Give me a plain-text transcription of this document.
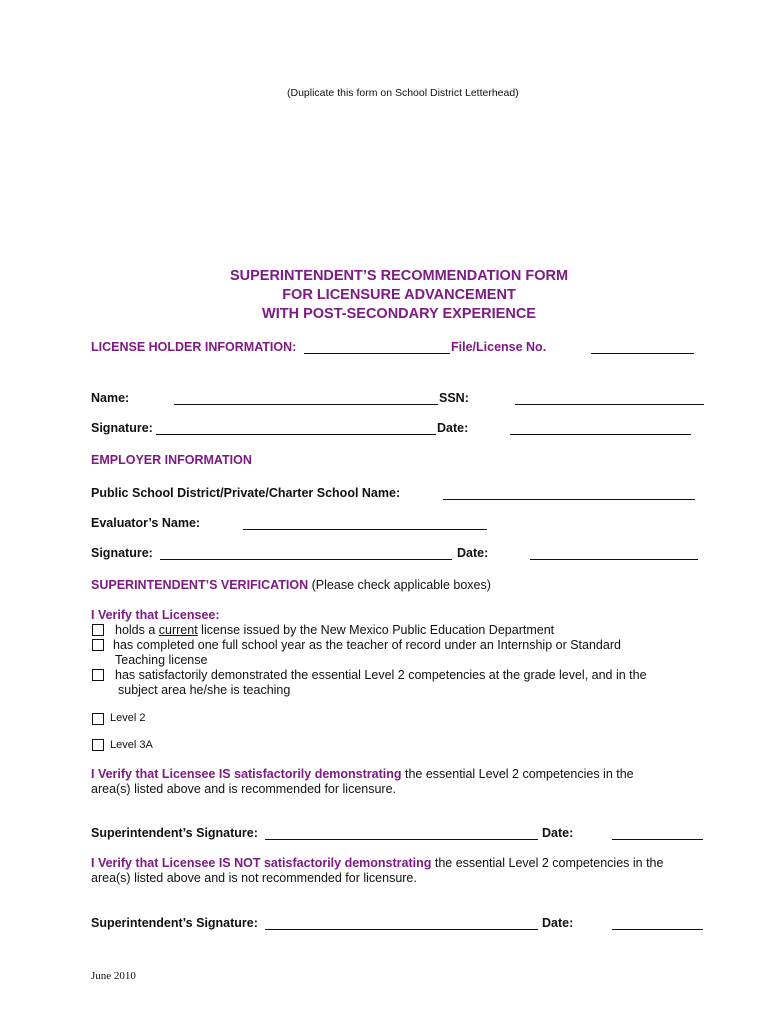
(Duplicate this form on School District Letterhead)
SUPERINTENDENT’S RECOMMENDATION FORM
FOR LICENSURE ADVANCEMENT
WITH POST-SECONDARY EXPERIENCE
LICENSE HOLDER INFORMATION:	File/License No.
Name:	SSN:
Signature:	Date:
EMPLOYER INFORMATION
Public School District/Private/Charter School Name:
Evaluator’s Name:
Signature:	Date:
SUPERINTENDENT’S VERIFICATION (Please check applicable boxes)
I Verify that Licensee:
holds a current license issued by the New Mexico Public Education Department
has completed one full school year as the teacher of record under an Internship or Standard
Teaching license
has satisfactorily demonstrated the essential Level 2 competencies at the grade level, and in the
subject area he/she is teaching
Level 2
Level 3A
I Verify that Licensee IS satisfactorily demonstrating the essential Level 2 competencies in the
area(s) listed above and is recommended for licensure.
Superintendent’s Signature:	Date:
I Verify that Licensee IS NOT satisfactorily demonstrating the essential Level 2 competencies in the
area(s) listed above and is not recommended for licensure.
Superintendent’s Signature:	Date:
June 2010
